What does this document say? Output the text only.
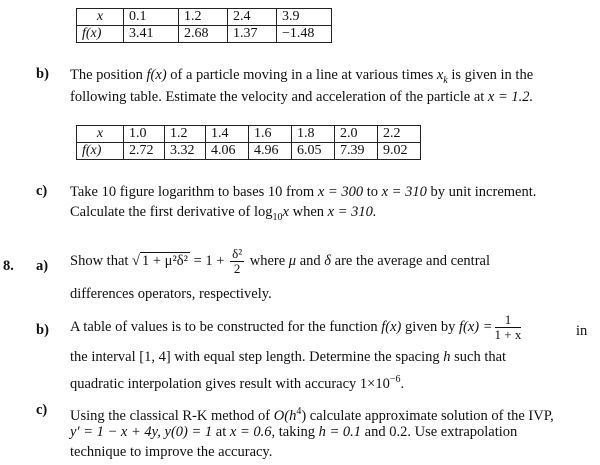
x	0.1	1.2	2.4	3.9
f(x)	3.41	2.68	1.37	−1.48
b) The position f(x) of a particle moving in a line at various times $x_k$ is given in the
following table. Estimate the velocity and acceleration of the particle at x = 1.2.
x	1.0	1.2	1.4	1.6	1.8	2.0	2.2
f(x)	2.72	3.32	4.06	4.96	6.05	7.39	9.02
c) Take 10 figure logarithm to bases 10 from x = 300 to x = 310 by unit increment.
Calculate the first derivative of $\log_{10}x$ when x = 310.
8. a) Show that √ $1 + \mu^2\delta^2 = 1 + \frac{\text{δ²}}{2}$ where μ and δ are the average and central
differences operators, respectively.
b) A table of values is to be constructed for the function f(x) given by $f(x) = \frac{1}{1 + x}$	in
the interval [1, 4] with equal step length. Determine the spacing h such that
quadratic interpolation gives result with accuracy $1\times 10^{-6}$.
c) Using the classical R-K method of $O(h^4)$ calculate approximate solution of the IVP,
y′ = 1 − x + 4y, y(0) = 1 at x = 0.6, taking h = 0.1 and 0.2. Use extrapolation
technique to improve the accuracy.
